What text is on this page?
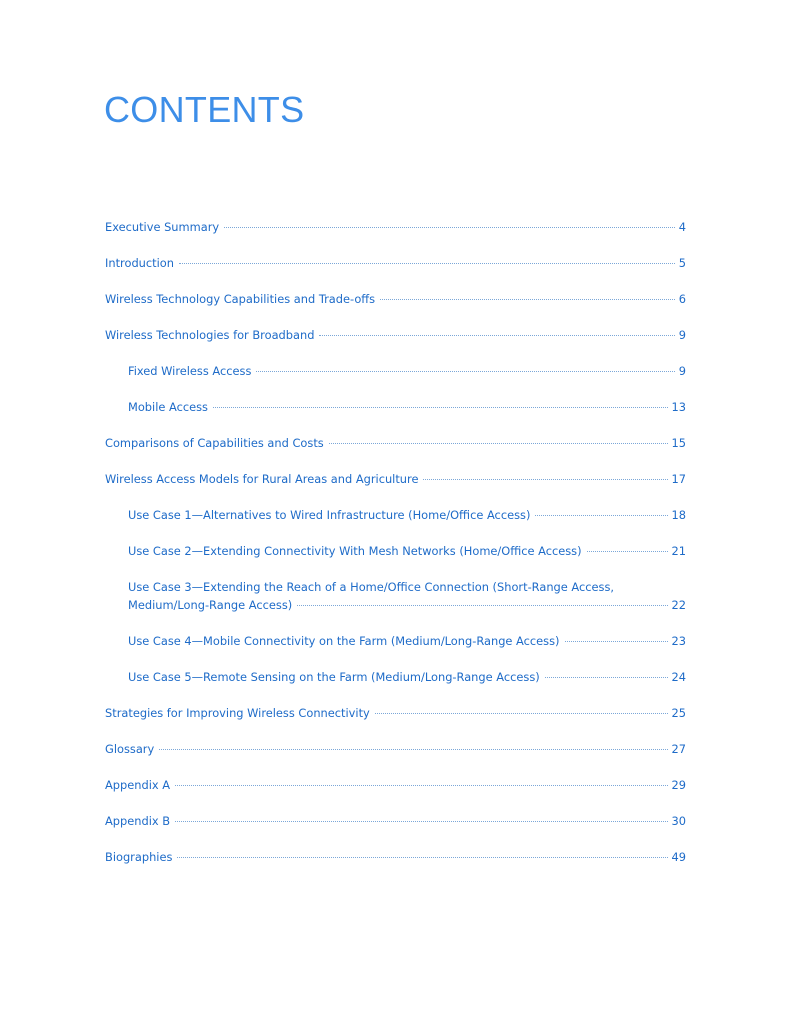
CONTENTS
Executive Summary	4
Introduction	5
Wireless Technology Capabilities and Trade-offs	6
Wireless Technologies for Broadband	9
Fixed Wireless Access	9
Mobile Access	13
Comparisons of Capabilities and Costs	15
Wireless Access Models for Rural Areas and Agriculture	17
Use Case 1—Alternatives to Wired Infrastructure (Home/Office Access)	18
Use Case 2—Extending Connectivity With Mesh Networks (Home/Office Access)	21
Use Case 3—Extending the Reach of a Home/Office Connection (Short-Range Access,
Medium/Long-Range Access)	22
Use Case 4—Mobile Connectivity on the Farm (Medium/Long-Range Access)	23
Use Case 5—Remote Sensing on the Farm (Medium/Long-Range Access)	24
Strategies for Improving Wireless Connectivity	25
Glossary	27
Appendix A	29
Appendix B	30
Biographies	49
